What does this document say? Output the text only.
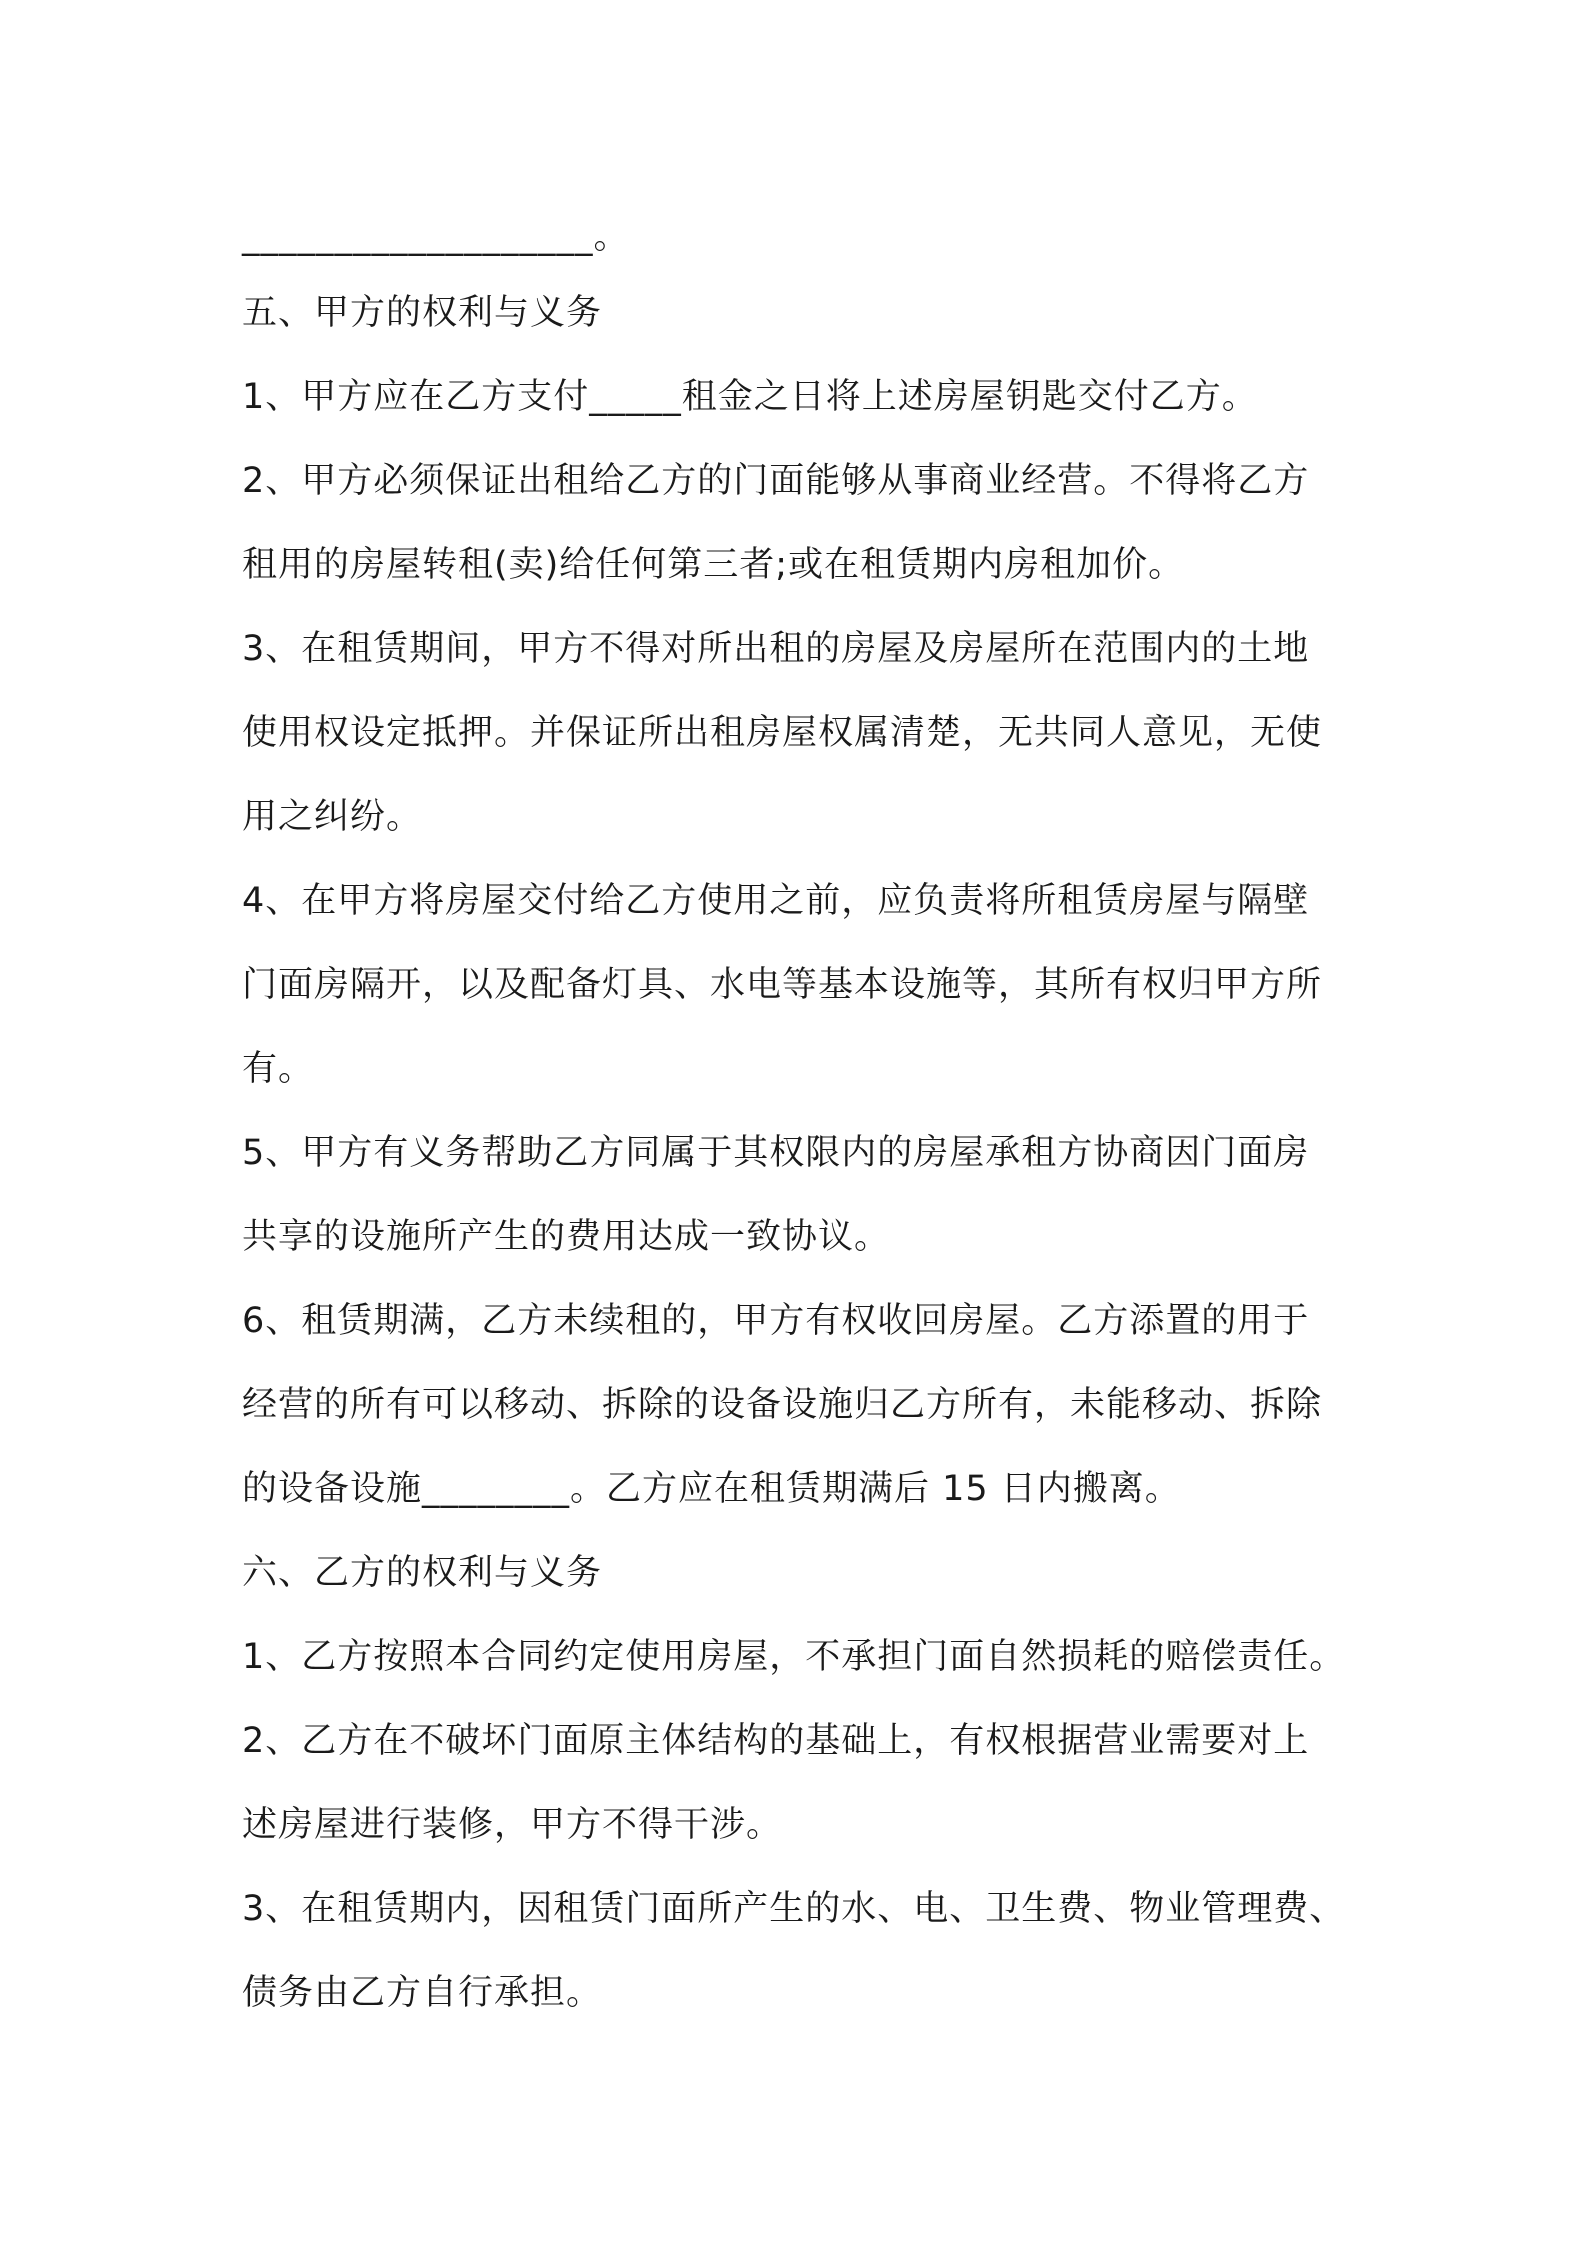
___________________。
五、甲方的权利与义务
1、甲方应在乙方支付_____租金之日将上述房屋钥匙交付乙方。
2、甲方必须保证出租给乙方的门面能够从事商业经营。不得将乙方
租用的房屋转租(卖)给任何第三者;或在租赁期内房租加价。
3、在租赁期间，甲方不得对所出租的房屋及房屋所在范围内的土地
使用权设定抵押。并保证所出租房屋权属清楚，无共同人意见，无使
用之纠纷。
4、在甲方将房屋交付给乙方使用之前，应负责将所租赁房屋与隔壁
门面房隔开，以及配备灯具、水电等基本设施等，其所有权归甲方所
有。
5、甲方有义务帮助乙方同属于其权限内的房屋承租方协商因门面房
共享的设施所产生的费用达成一致协议。
6、租赁期满，乙方未续租的，甲方有权收回房屋。乙方添置的用于
经营的所有可以移动、拆除的设备设施归乙方所有，未能移动、拆除
的设备设施________。乙方应在租赁期满后 15 日内搬离。
六、乙方的权利与义务
1、乙方按照本合同约定使用房屋，不承担门面自然损耗的赔偿责任。
2、乙方在不破坏门面原主体结构的基础上，有权根据营业需要对上
述房屋进行装修，甲方不得干涉。
3、在租赁期内，因租赁门面所产生的水、电、卫生费、物业管理费、
债务由乙方自行承担。
